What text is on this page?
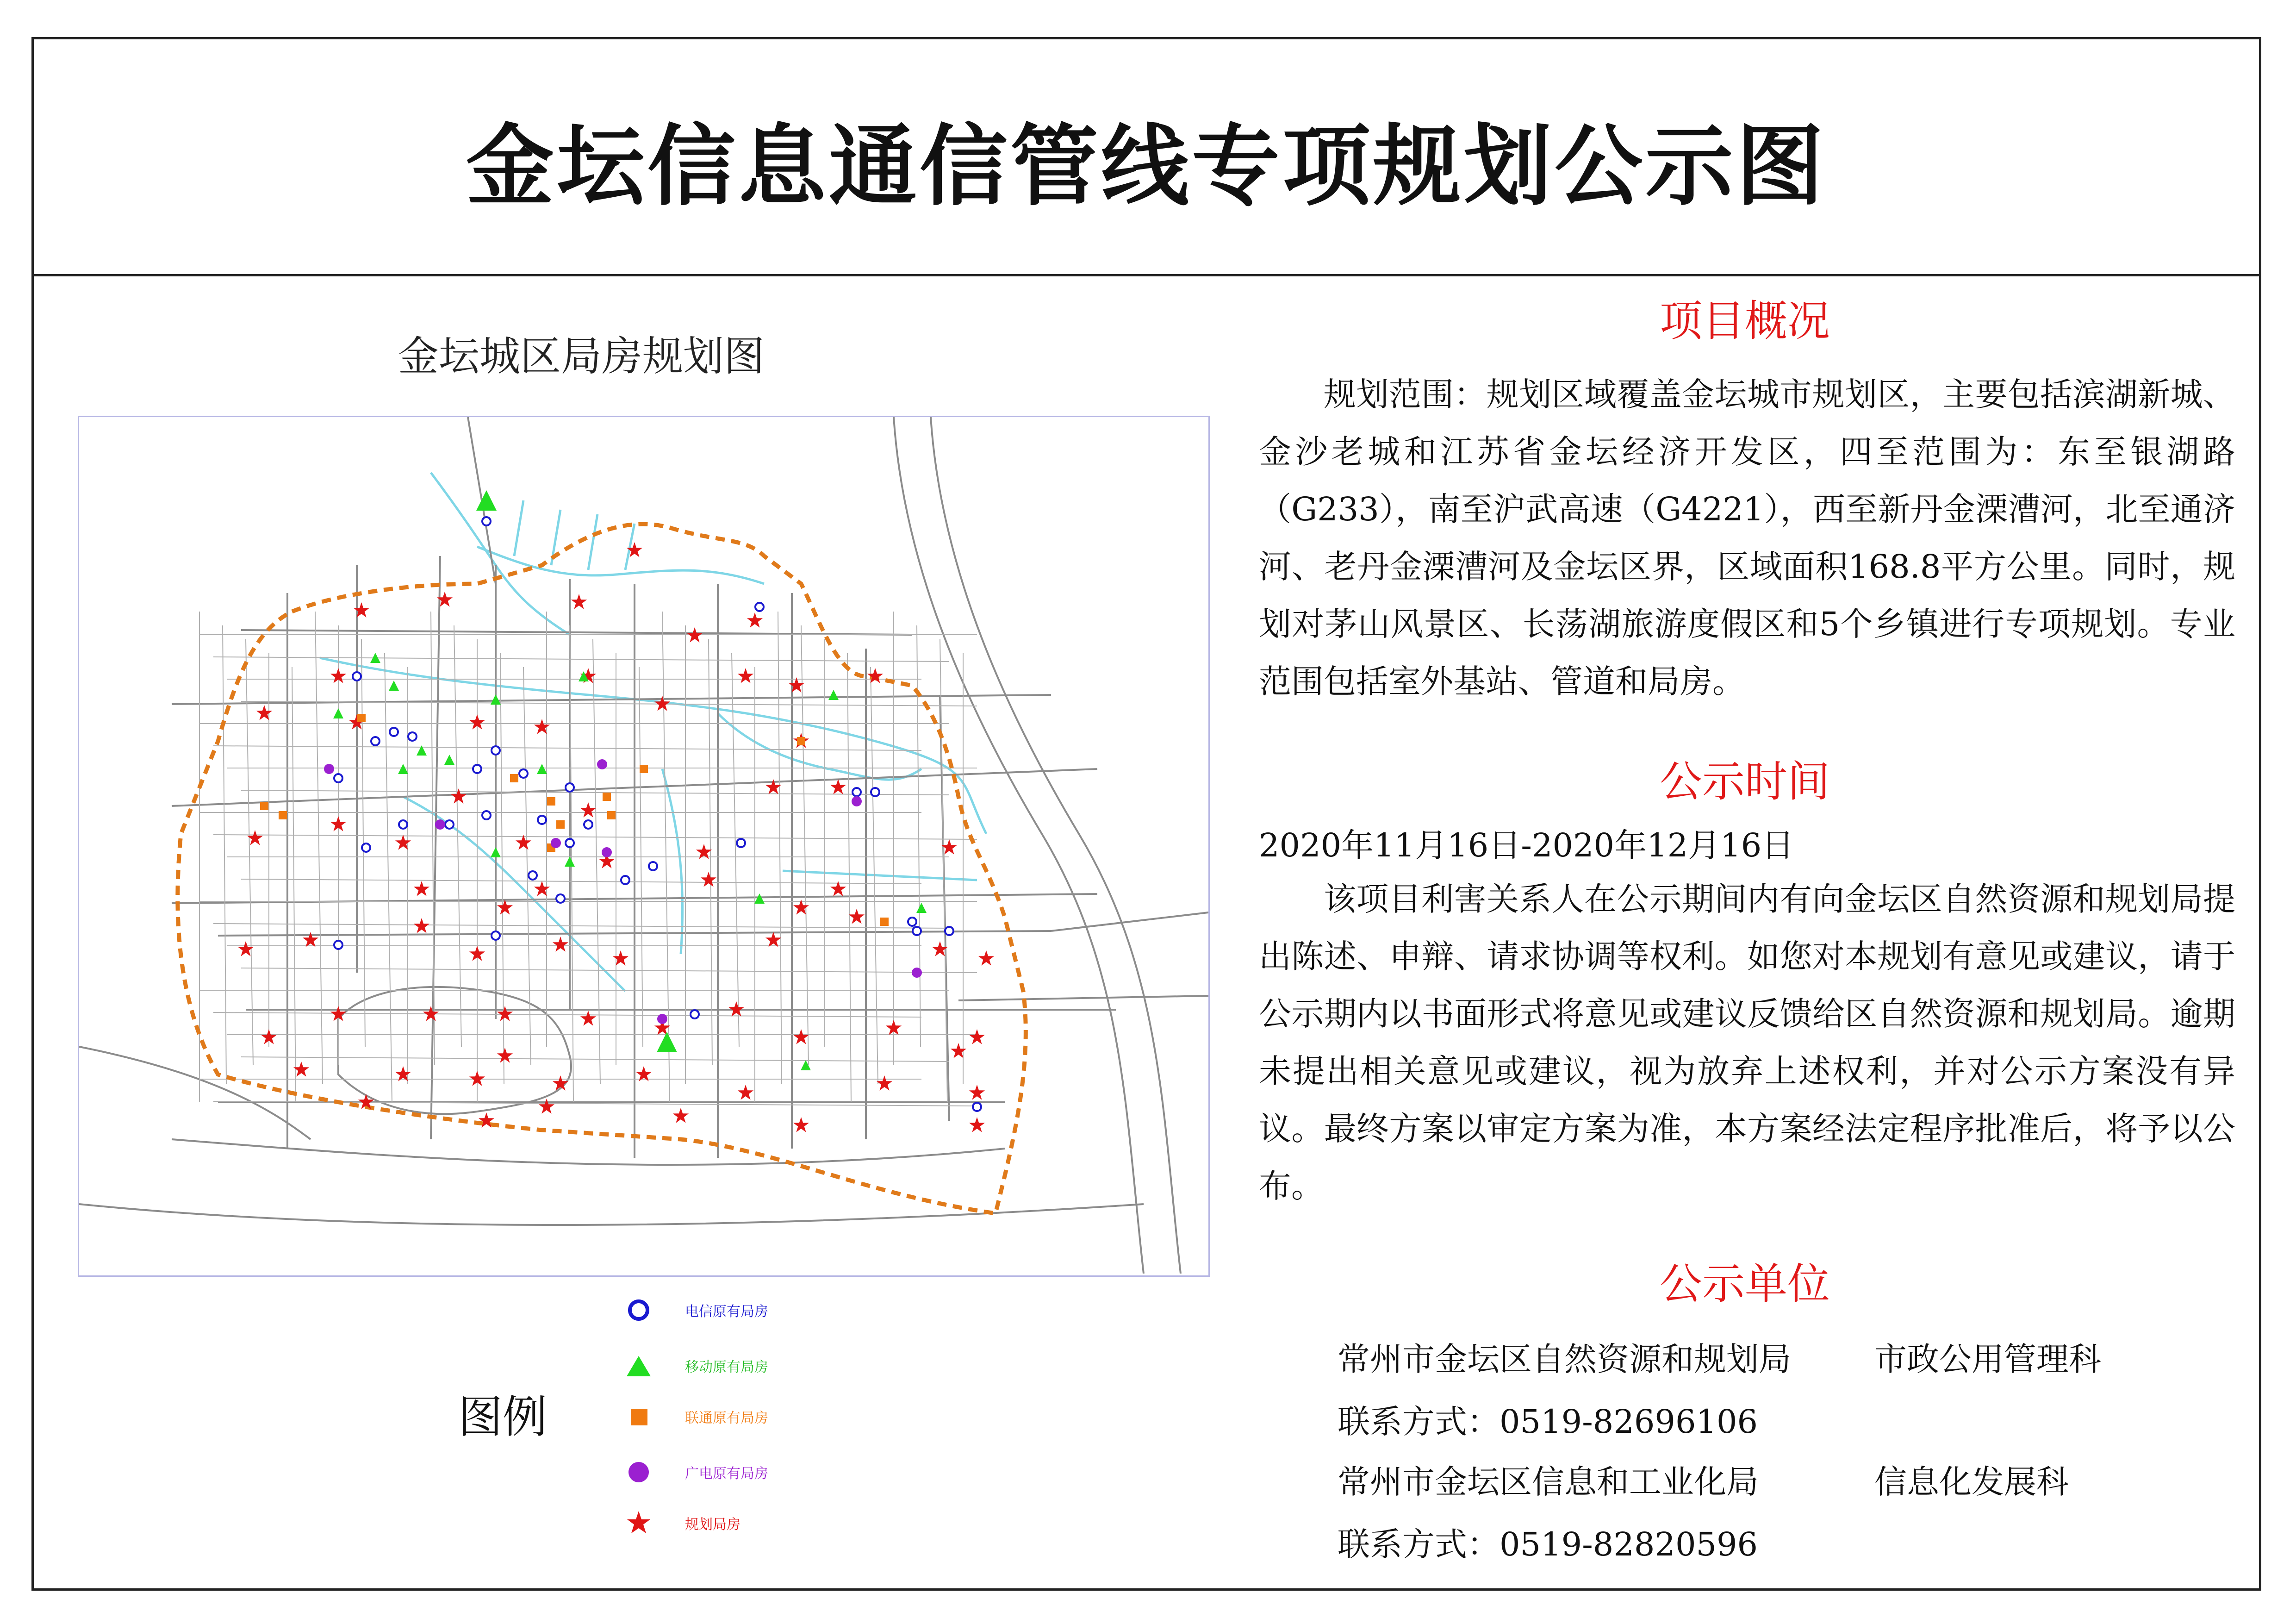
金坛信息通信管线专项规划公示图
金坛城区局房规划图
图例
电信原有局房
移动原有局房
联通原有局房
广电原有局房
规划局房
项目概况
规划范围：规划区域覆盖金坛城市规划区，主要包括滨湖新城、金沙老城和江苏省金坛经济开发区，四至范围为：东至银湖路（G233），南至沪武高速（G4221），西至新丹金溧漕河，北至通济河、老丹金溧漕河及金坛区界，区域面积168.8平方公里。同时，规划对茅山风景区、长荡湖旅游度假区和5个乡镇进行专项规划。专业范围包括室外基站、管道和局房。
公示时间
2020年11月16日-2020年12月16日
该项目利害关系人在公示期间内有向金坛区自然资源和规划局提出陈述、申辩、请求协调等权利。如您对本规划有意见或建议，请于公示期内以书面形式将意见或建议反馈给区自然资源和规划局。逾期未提出相关意见或建议，视为放弃上述权利，并对公示方案没有异议。最终方案以审定方案为准，本方案经法定程序批准后，将予以公布。
公示单位
常州市金坛区自然资源和规划局	市政公用管理科
联系方式：0519-82696106
常州市金坛区信息和工业化局	信息化发展科
联系方式：0519-82820596
